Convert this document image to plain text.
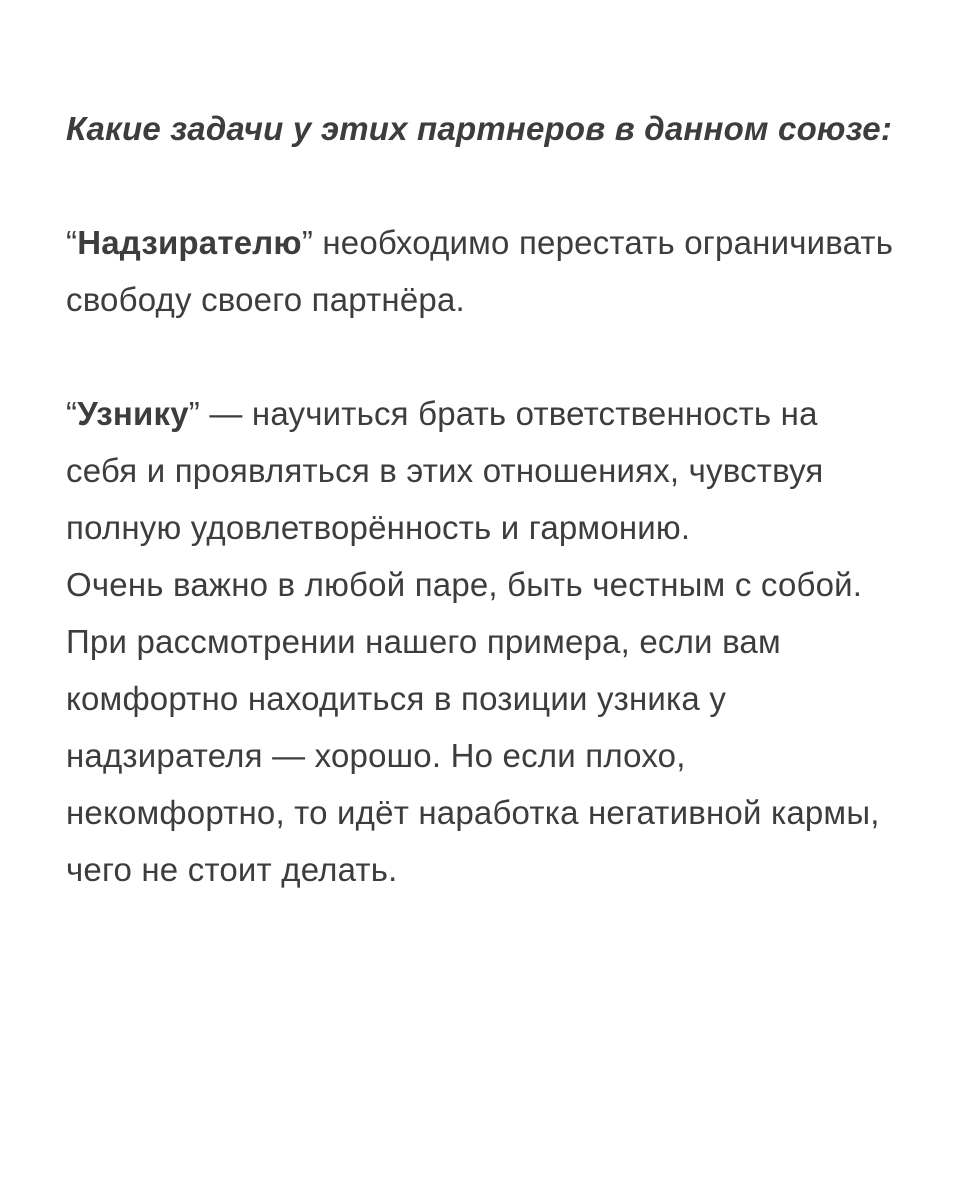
Какие задачи у этих партнеров в данном союзе:

“Надзирателю” необходимо перестать ограничивать свободу своего партнёра.

“Узнику” — научиться брать ответственность на себя и проявляться в этих отношениях, чувствуя полную удовлетворённость и гармонию.

Очень важно в любой паре, быть честным с собой. При рассмотрении нашего примера, если вам комфортно находиться в позиции узника у надзирателя — хорошо. Но если плохо, некомфортно, то идёт наработка негативной кармы, чего не стоит делать.
